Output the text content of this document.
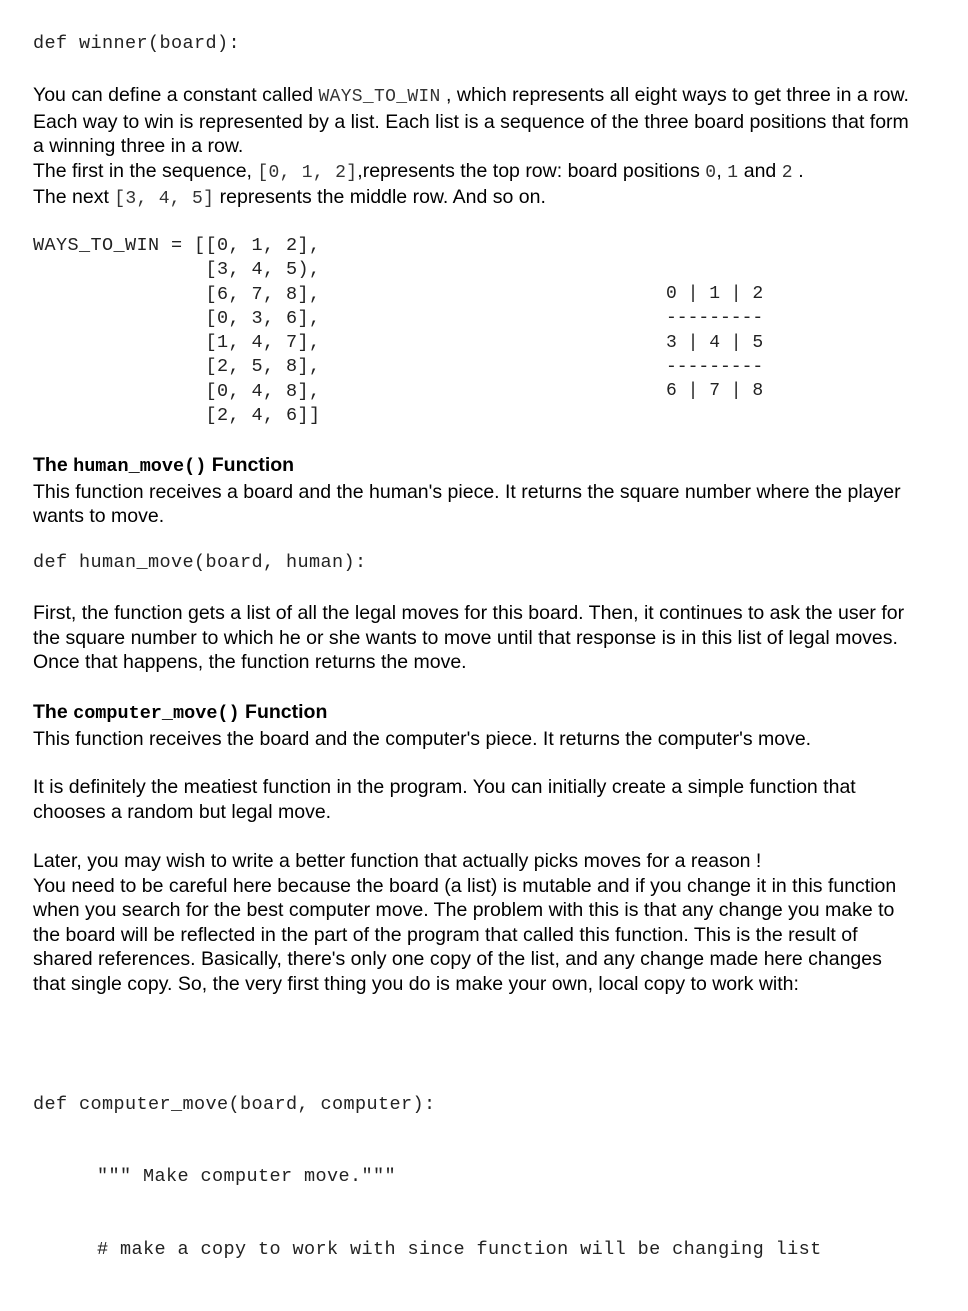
def winner(board):
You can define a constant called WAYS_TO_WIN , which represents all eight ways to get three in a row. Each way to win is represented by a list. Each list is a sequence of the three board positions that form a winning three in a row.
The first in the sequence, [0, 1, 2],represents the top row: board positions 0, 1 and 2 .
The next [3, 4, 5] represents the middle row. And so on.
WAYS_TO_WIN = [[0, 1, 2],
[3, 4, 5),
[6, 7, 8],
[0, 3, 6],
[1, 4, 7],
[2, 5, 8],
[0, 4, 8],
[2, 4, 6]]
0 | 1 | 2
---------
3 | 4 | 5
---------
6 | 7 | 8
The human_move() Function
This function receives a board and the human's piece. It returns the square number where the player wants to move.
def human_move(board, human):
First, the function gets a list of all the legal moves for this board. Then, it continues to ask the user for the square number to which he or she wants to move until that response is in this list of legal moves. Once that happens, the function returns the move.
The computer_move() Function
This function receives the board and the computer's piece. It returns the computer's move.
It is definitely the meatiest function in the program. You can initially create a simple function that chooses a random but legal move.
Later, you may wish to write a better function that actually picks moves for a reason !
You need to be careful here because the board (a list) is mutable and if you change it in this function when you search for the best computer move. The problem with this is that any change you make to the board will be reflected in the part of the program that called this function. This is the result of shared references. Basically, there's only one copy of the list, and any change made here changes that single copy. So, the very first thing you do is make your own, local copy to work with:

def computer_move(board, computer):

""" Make computer move."""

# make a copy to work with since function will be changing list
